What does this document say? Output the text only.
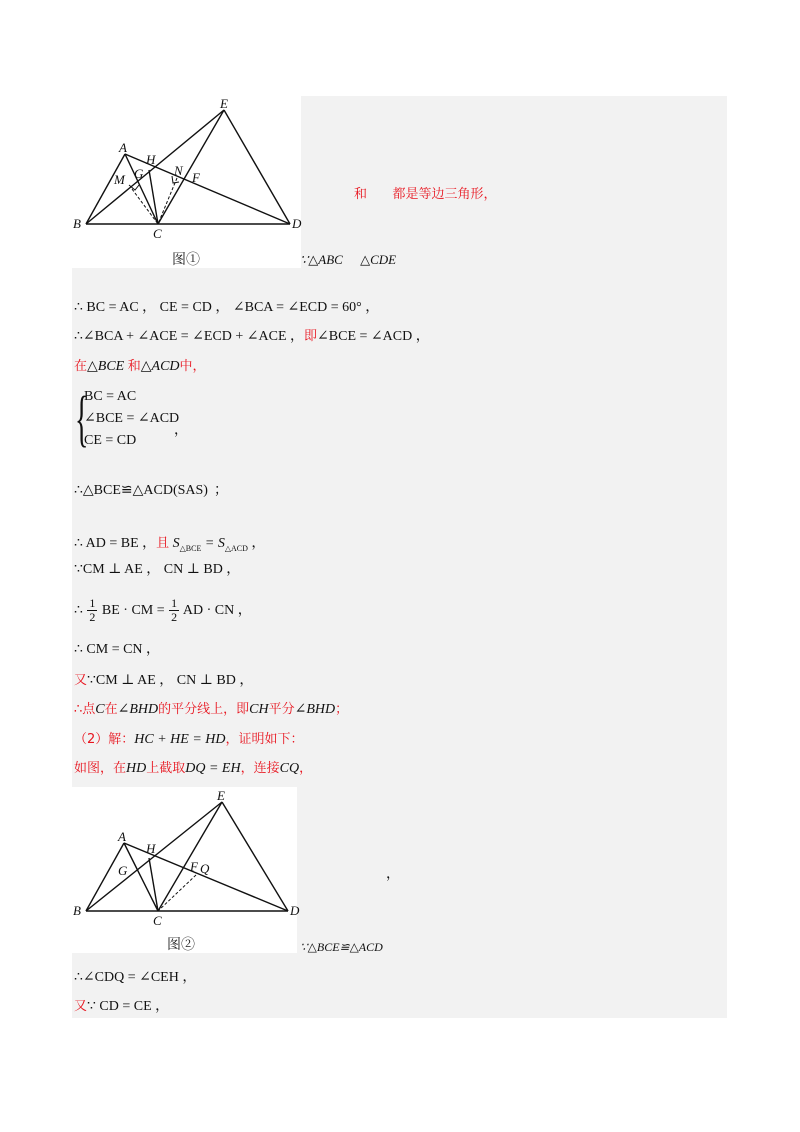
A
B
C
D
E
H
G
M
N F
图①
和 都是等边三角形，
∵△ABC △CDE
∴ BC = AC ， CE = CD ， ∠BCA = ∠ECD = 60° ，
∴∠BCA + ∠ACE = ∠ECD + ∠ACE ，即∠BCE = ∠ACD ，
在△BCE 和△ACD中，
{
BC = AC
∠BCE = ∠ACD
CE = CD
，
∴△BCE≌△ACD(SAS) ；
∴ AD = BE ，且 $S_{\triangle BCE} = S_{\triangle ACD}$ ，
∵CM ⊥ AE ， CN ⊥ BD ，
∴ $\frac{1}{2}$ BE · CM = $\frac{1}{2}$ AD · CN ，
∴ CM = CN ，
又∵CM ⊥ AE ， CN ⊥ BD ，
∴点C在∠BHD的平分线上，即CH平分∠BHD；
（2）解：HC + HE = HD，证明如下：
如图，在HD上截取DQ = EH，连接CQ，
A
B
C
D
E
H
G	F Q
图②
，
∵△BCE≌△ACD
∴∠CDQ = ∠CEH ，
又∵ CD = CE ，
